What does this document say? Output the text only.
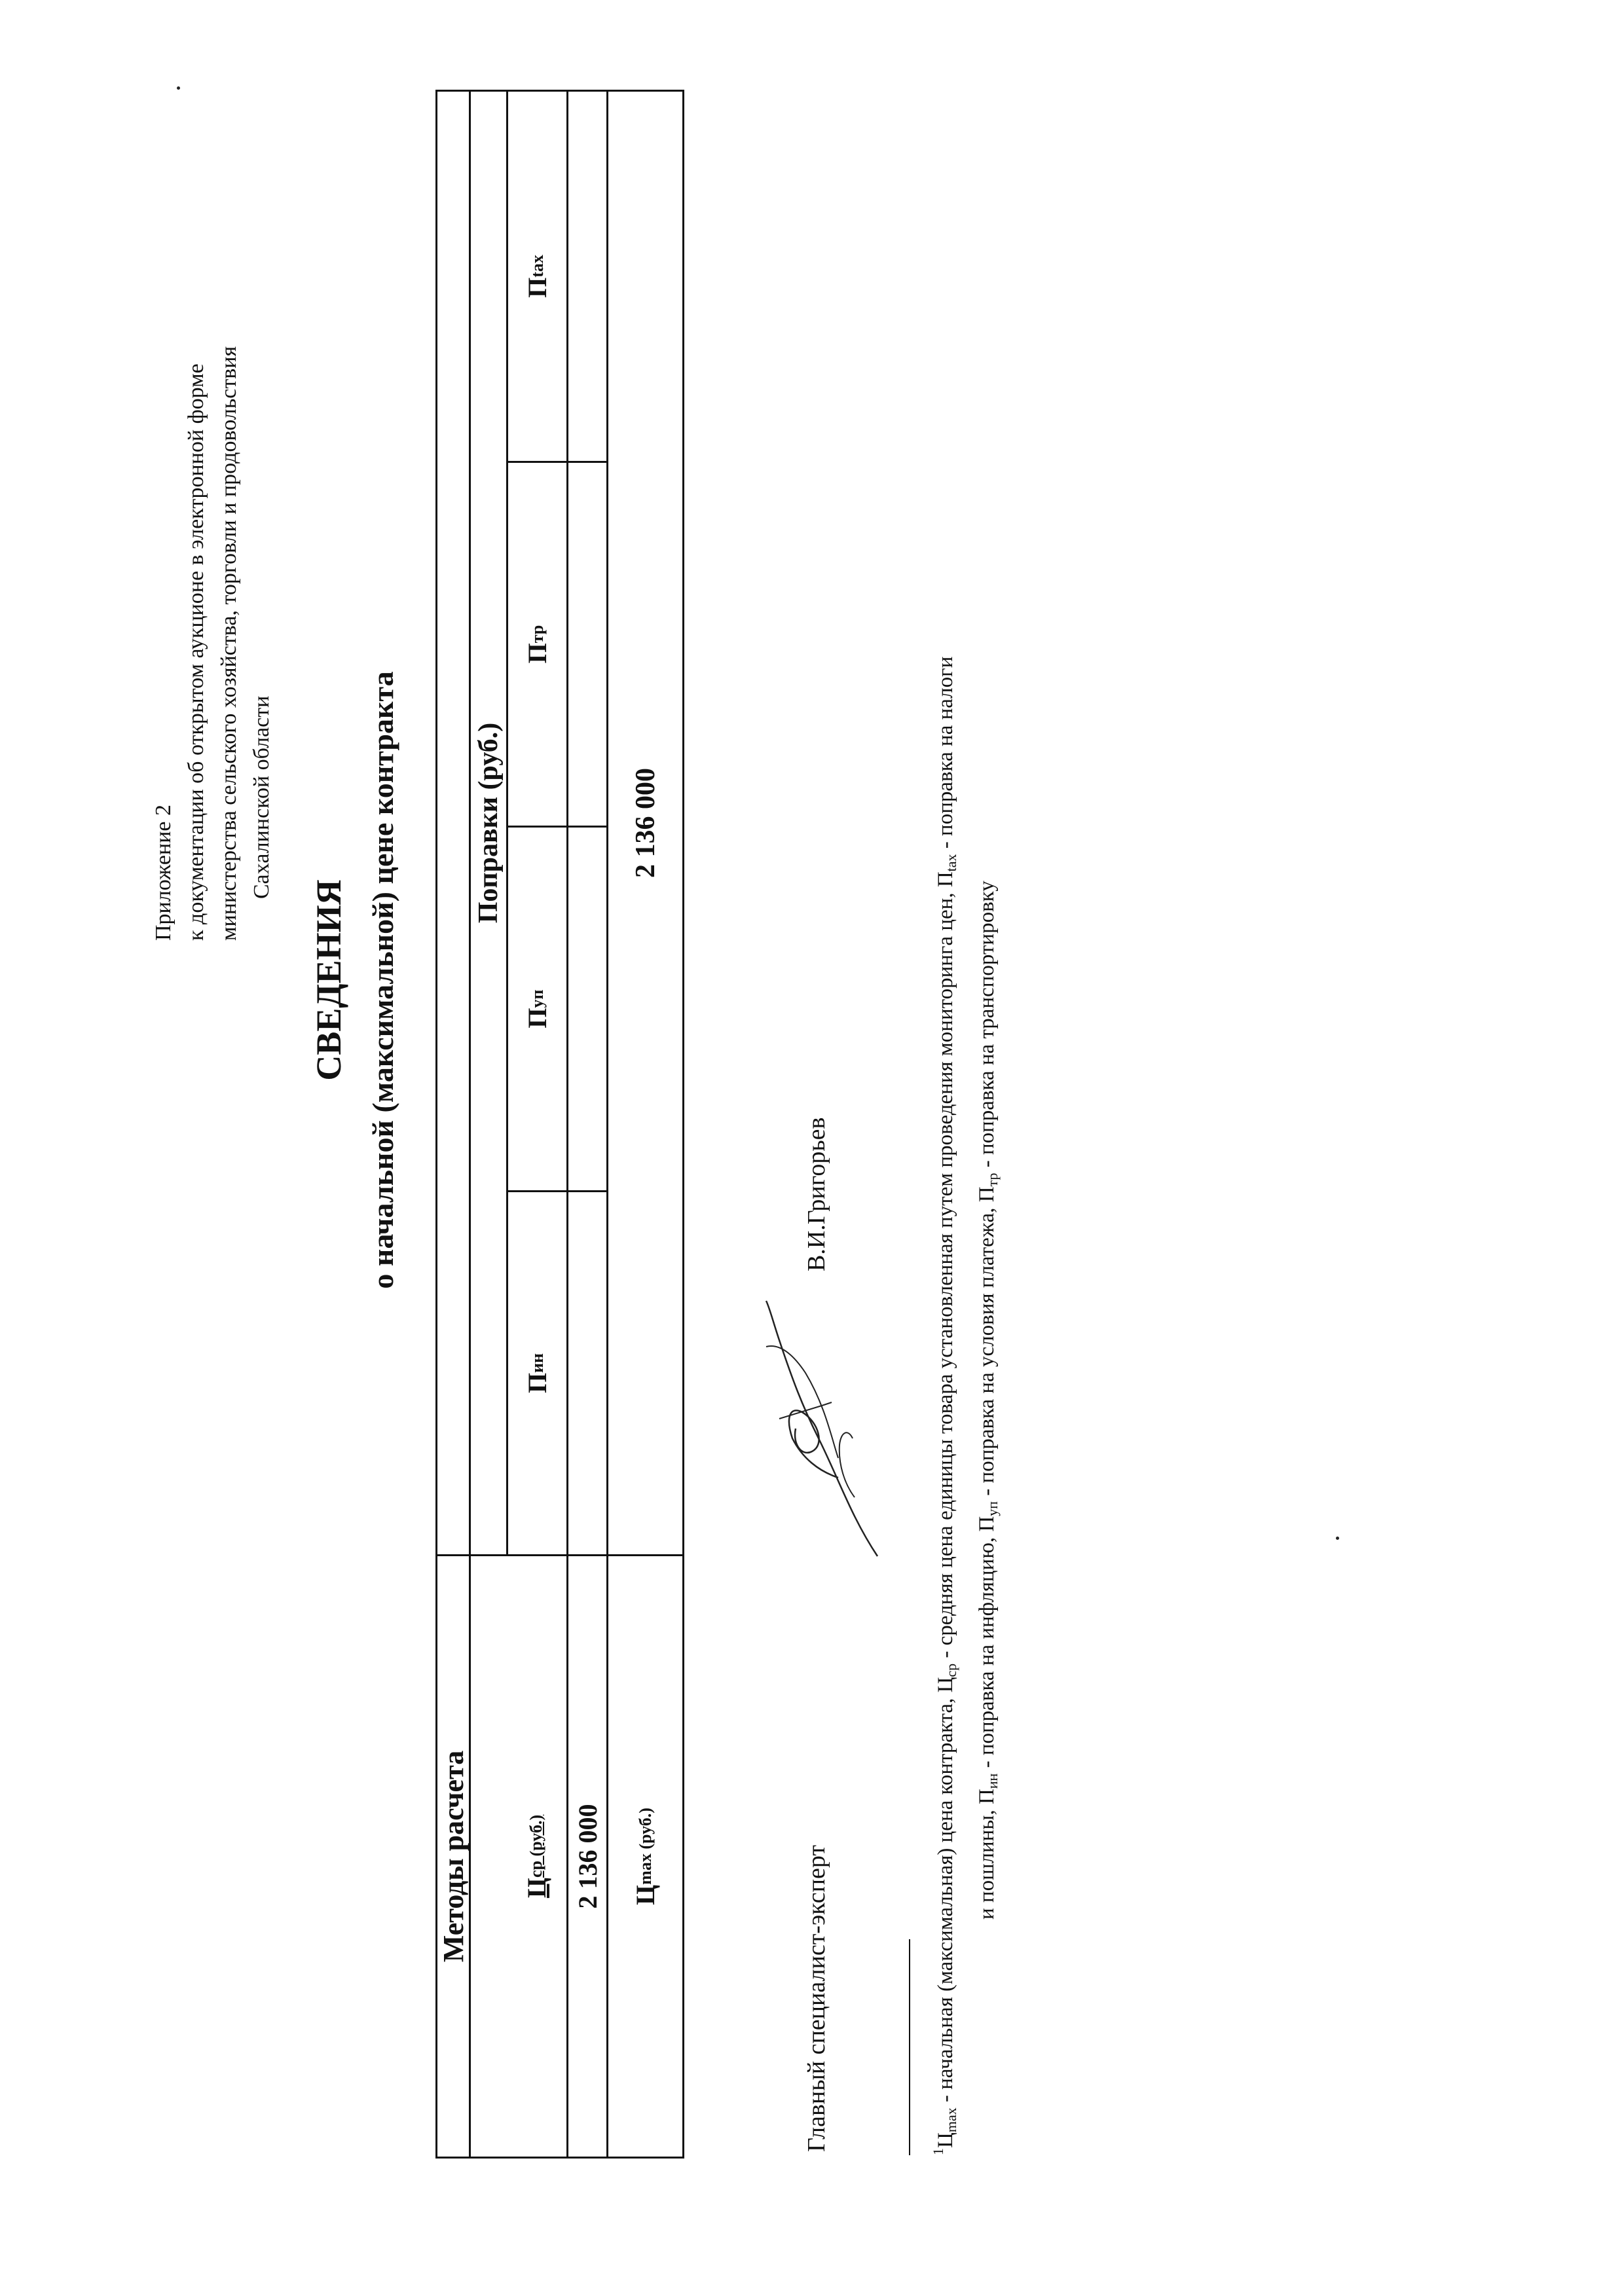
Приложение 2 к документации об открытом аукционе в электронной форме министерства сельского хозяйства, торговли и продовольствия Сахалинской области
СВЕДЕНИЯ о начальной (максимальной) цене контракта
Методы расчета
Поправки (руб.)
Ц
ср (руб.)
П
ин
П
уп
П
тр
П
tax
2 136 000 Ц
max (руб.)
2 136 000
Главный специалист-эксперт
В.И.Григорьев
$^1$Цmax - начальная (максимальная) цена контракта, Цср - средняя цена единицы товара установленная путем проведения мониторинга цен, Пtax - поправка на налоги
и пошлины, Пин - поправка на инфляцию, Пуп - поправка на условия платежа, Птр - поправка на транспортировку
